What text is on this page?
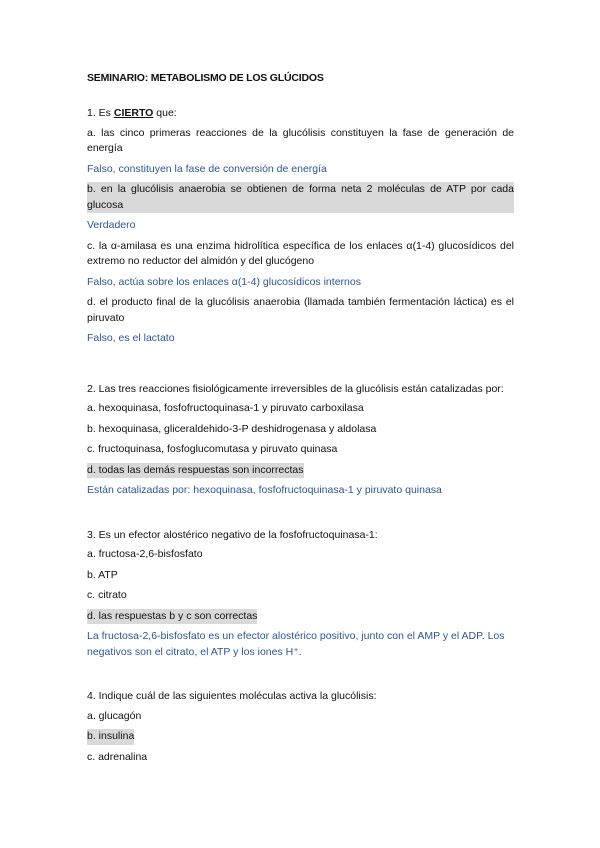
SEMINARIO: METABOLISMO DE LOS GLÚCIDOS
1. Es CIERTO que:
a. las cinco primeras reacciones de la glucólisis constituyen la fase de generación de energía
Falso, constituyen la fase de conversión de energía
b. en la glucólisis anaerobia se obtienen de forma neta 2 moléculas de ATP por cada glucosa
Verdadero
c. la α-amilasa es una enzima hidrolítica específica de los enlaces α(1-4) glucosídicos del extremo no reductor del almidón y del glucógeno
Falso, actúa sobre los enlaces α(1-4) glucosídicos internos
d. el producto final de la glucólisis anaerobia (llamada también fermentación láctica) es el piruvato
Falso, es el lactato
2. Las tres reacciones fisiológicamente irreversibles de la glucólisis están catalizadas por:
a. hexoquinasa, fosfofructoquinasa-1 y piruvato carboxilasa
b. hexoquinasa, gliceraldehido-3-P deshidrogenasa y aldolasa
c. fructoquinasa, fosfoglucomutasa y piruvato quinasa
d. todas las demás respuestas son incorrectas
Están catalizadas por: hexoquinasa, fosfofructoquinasa-1 y piruvato quinasa
3. Es un efector alostérico negativo de la fosfofructoquinasa-1:
a. fructosa-2,6-bisfosfato
b. ATP
c. citrato
d. las respuestas b y c son correctas
La fructosa-2,6-bisfosfato es un efector alostérico positivo, junto con el AMP y el ADP. Los negativos son el citrato, el ATP y los iones H⁺.
4. Indique cuál de las siguientes moléculas activa la glucólisis:
a. glucagón
b. insulina
c. adrenalina
